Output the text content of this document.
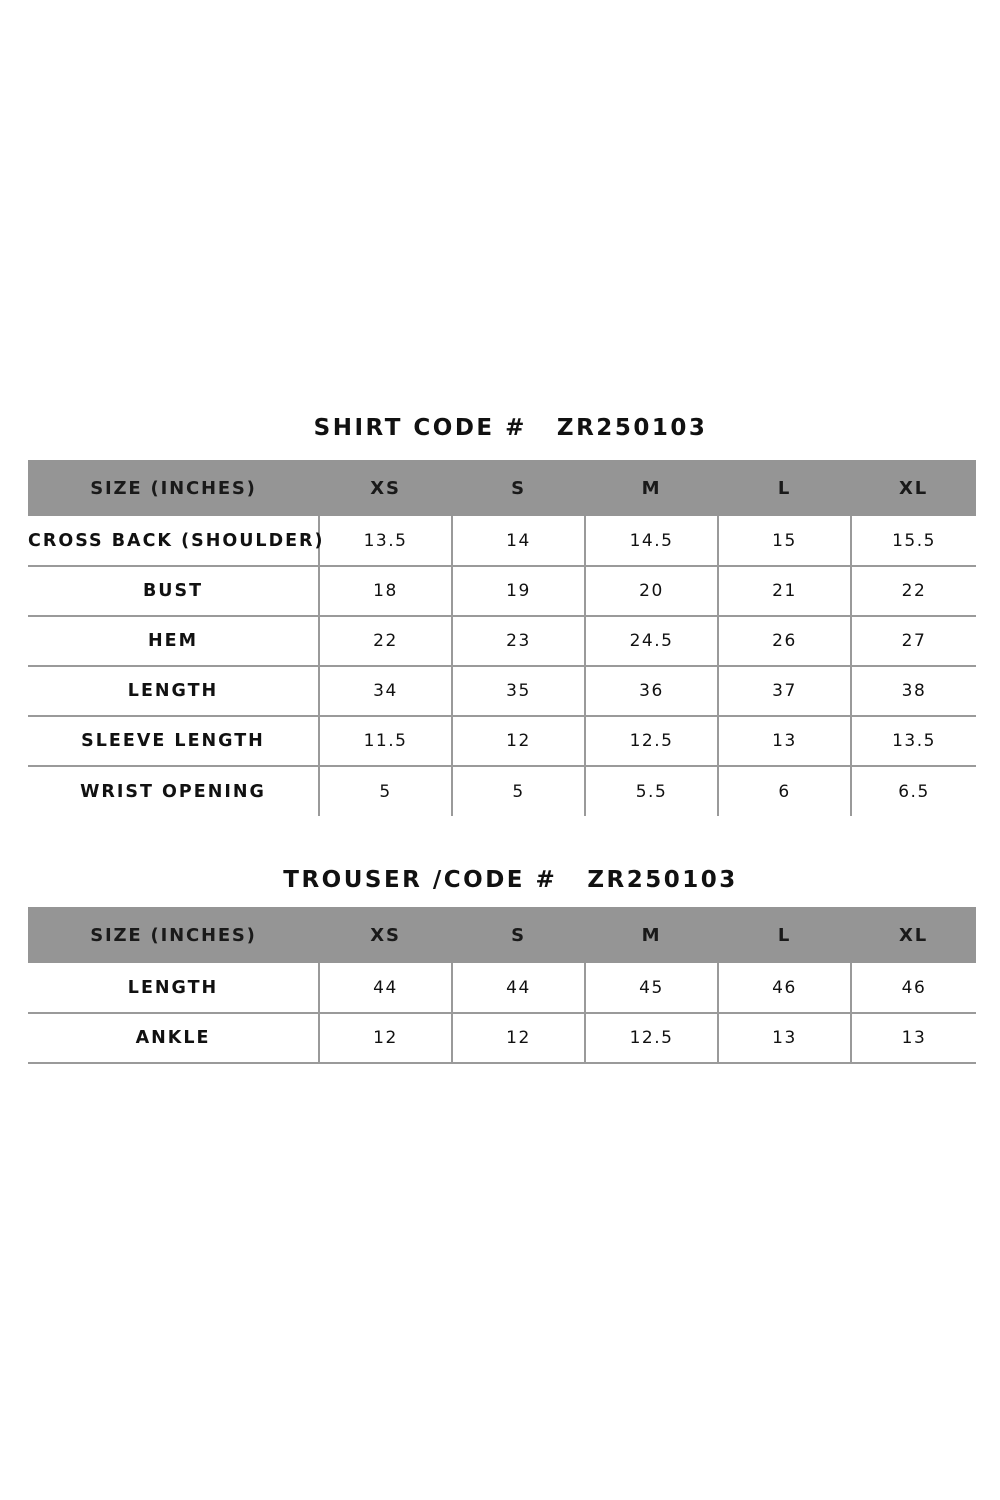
SHIRT CODE # ZR250103

SIZE (INCHES)	XS	S	M	L	XL
CROSS BACK (SHOULDER)	13.5	14	14.5	15	15.5
BUST	18	19	20	21	22
HEM	22	23	24.5	26	27
LENGTH	34	35	36	37	38
SLEEVE LENGTH	11.5	12	12.5	13	13.5
WRIST OPENING	5	5	5.5	6	6.5

TROUSER /CODE # ZR250103

SIZE (INCHES)	XS	S	M	L	XL
LENGTH	44	44	45	46	46
ANKLE	12	12	12.5	13	13
